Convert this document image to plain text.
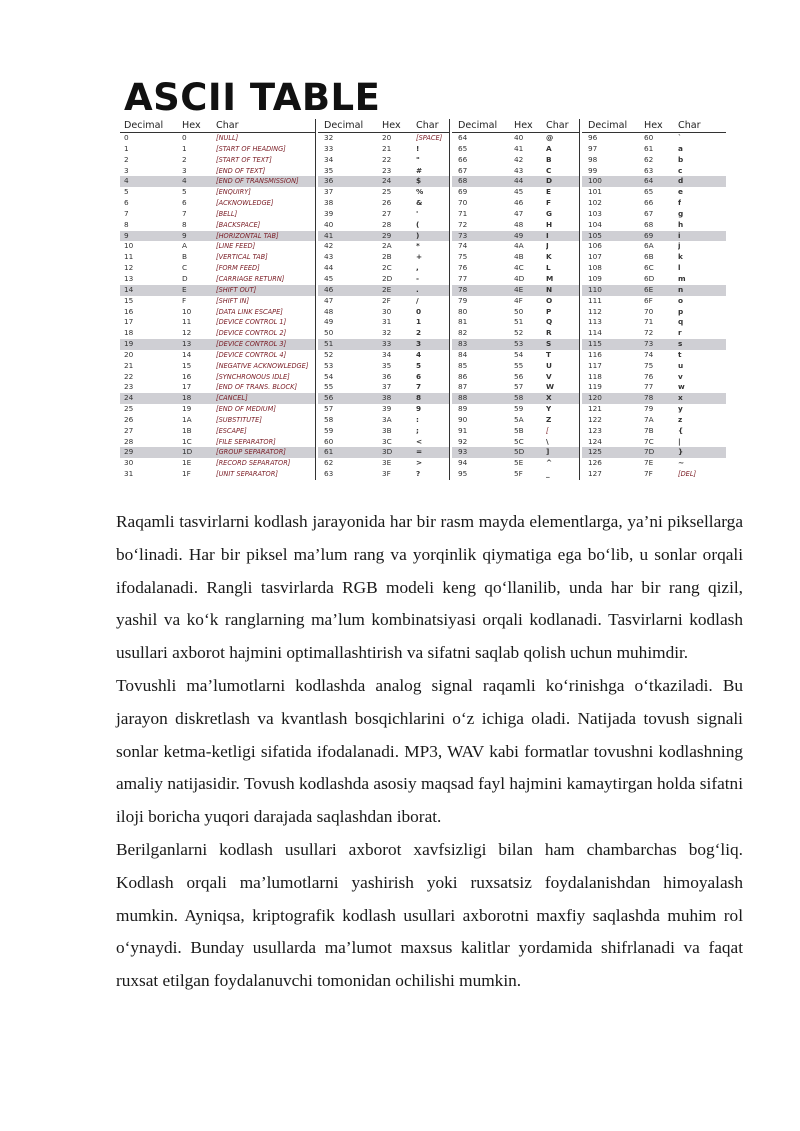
ASCII TABLE
Decimal Hex Char
0	0	[NULL]
1	1	[START OF HEADING]
2	2	[START OF TEXT]
3	3	[END OF TEXT]
4	4	[END OF TRANSMISSION]
5	5	[ENQUIRY]
6	6	[ACKNOWLEDGE]
7	7	[BELL]
8	8	[BACKSPACE]
9	9	[HORIZONTAL TAB]
10	A	[LINE FEED]
11	B	[VERTICAL TAB]
12	C	[FORM FEED]
13	D	[CARRIAGE RETURN]
14	E	[SHIFT OUT]
15	F	[SHIFT IN]
16	10	[DATA LINK ESCAPE]
17	11	[DEVICE CONTROL 1]
18	12	[DEVICE CONTROL 2]
19	13	[DEVICE CONTROL 3]
20	14	[DEVICE CONTROL 4]
21	15	[NEGATIVE ACKNOWLEDGE]
22	16	[SYNCHRONOUS IDLE]
23	17	[END OF TRANS. BLOCK]
24	18	[CANCEL]
25	19	[END OF MEDIUM]
26	1A	[SUBSTITUTE]
27	1B	[ESCAPE]
28	1C	[FILE SEPARATOR]
29	1D	[GROUP SEPARATOR]
30	1E	[RECORD SEPARATOR]
31	1F	[UNIT SEPARATOR]
Decimal Hex Char
32	20	[SPACE]
33	21	!
34	22	"
35	23	#
36	24	$
37	25	%
38	26	&
39	27	'
40	28	(
41	29	)
42	2A	*
43	2B	+
44	2C	,
45	2D	-
46	2E	.
47	2F	/
48	30	0
49	31	1
50	32	2
51	33	3
52	34	4
53	35	5
54	36	6
55	37	7
56	38	8
57	39	9
58	3A	:
59	3B	;
60	3C	<
61	3D	=
62	3E	>
63	3F	?
Decimal Hex Char
64	40	@
65	41	A
66	42	B
67	43	C
68	44	D
69	45	E
70	46	F
71	47	G
72	48	H
73	49	I
74	4A	J
75	4B	K
76	4C	L
77	4D	M
78	4E	N
79	4F	O
80	50	P
81	51	Q
82	52	R
83	53	S
84	54	T
85	55	U
86	56	V
87	57	W
88	58	X
89	59	Y
90	5A	Z
91	5B	[
92	5C	\
93	5D	]
94	5E	^
95	5F	_
Decimal Hex Char
96	60	`
97	61	a
98	62	b
99	63	c
100	64	d
101	65	e
102	66	f
103	67	g
104	68	h
105	69	i
106	6A	j
107	6B	k
108	6C	l
109	6D	m
110	6E	n
111	6F	o
112	70	p
113	71	q
114	72	r
115	73	s
116	74	t
117	75	u
118	76	v
119	77	w
120	78	x
121	79	y
122	7A	z
123	7B	{
124	7C	|
125	7D	}
126	7E	~
127	7F	[DEL]

Raqamli tasvirlarni kodlash jarayonida har bir rasm mayda elementlarga, ya’ni piksellarga bo‘linadi. Har bir piksel ma’lum rang va yorqinlik qiymatiga ega bo‘lib, u sonlar orqali ifodalanadi. Rangli tasvirlarda RGB modeli keng qo‘llanilib, unda har bir rang qizil, yashil va ko‘k ranglarning ma’lum kombinatsiyasi orqali kodlanadi. Tasvirlarni kodlash usullari axborot hajmini optimallashtirish va sifatni saqlab qolish uchun muhimdir.

Tovushli ma’lumotlarni kodlashda analog signal raqamli ko‘rinishga o‘tkaziladi. Bu jarayon diskretlash va kvantlash bosqichlarini o‘z ichiga oladi. Natijada tovush signali sonlar ketma-ketligi sifatida ifodalanadi. MP3, WAV kabi formatlar tovushni kodlashning amaliy natijasidir. Tovush kodlashda asosiy maqsad fayl hajmini kamaytirgan holda sifatni iloji boricha yuqori darajada saqlashdan iborat.

Berilganlarni kodlash usullari axborot xavfsizligi bilan ham chambarchas bog‘liq. Kodlash orqali ma’lumotlarni yashirish yoki ruxsatsiz foydalanishdan himoyalash mumkin. Ayniqsa, kriptografik kodlash usullari axborotni maxfiy saqlashda muhim rol o‘ynaydi. Bunday usullarda ma’lumot maxsus kalitlar yordamida shifrlanadi va faqat ruxsat etilgan foydalanuvchi tomonidan ochilishi mumkin.
